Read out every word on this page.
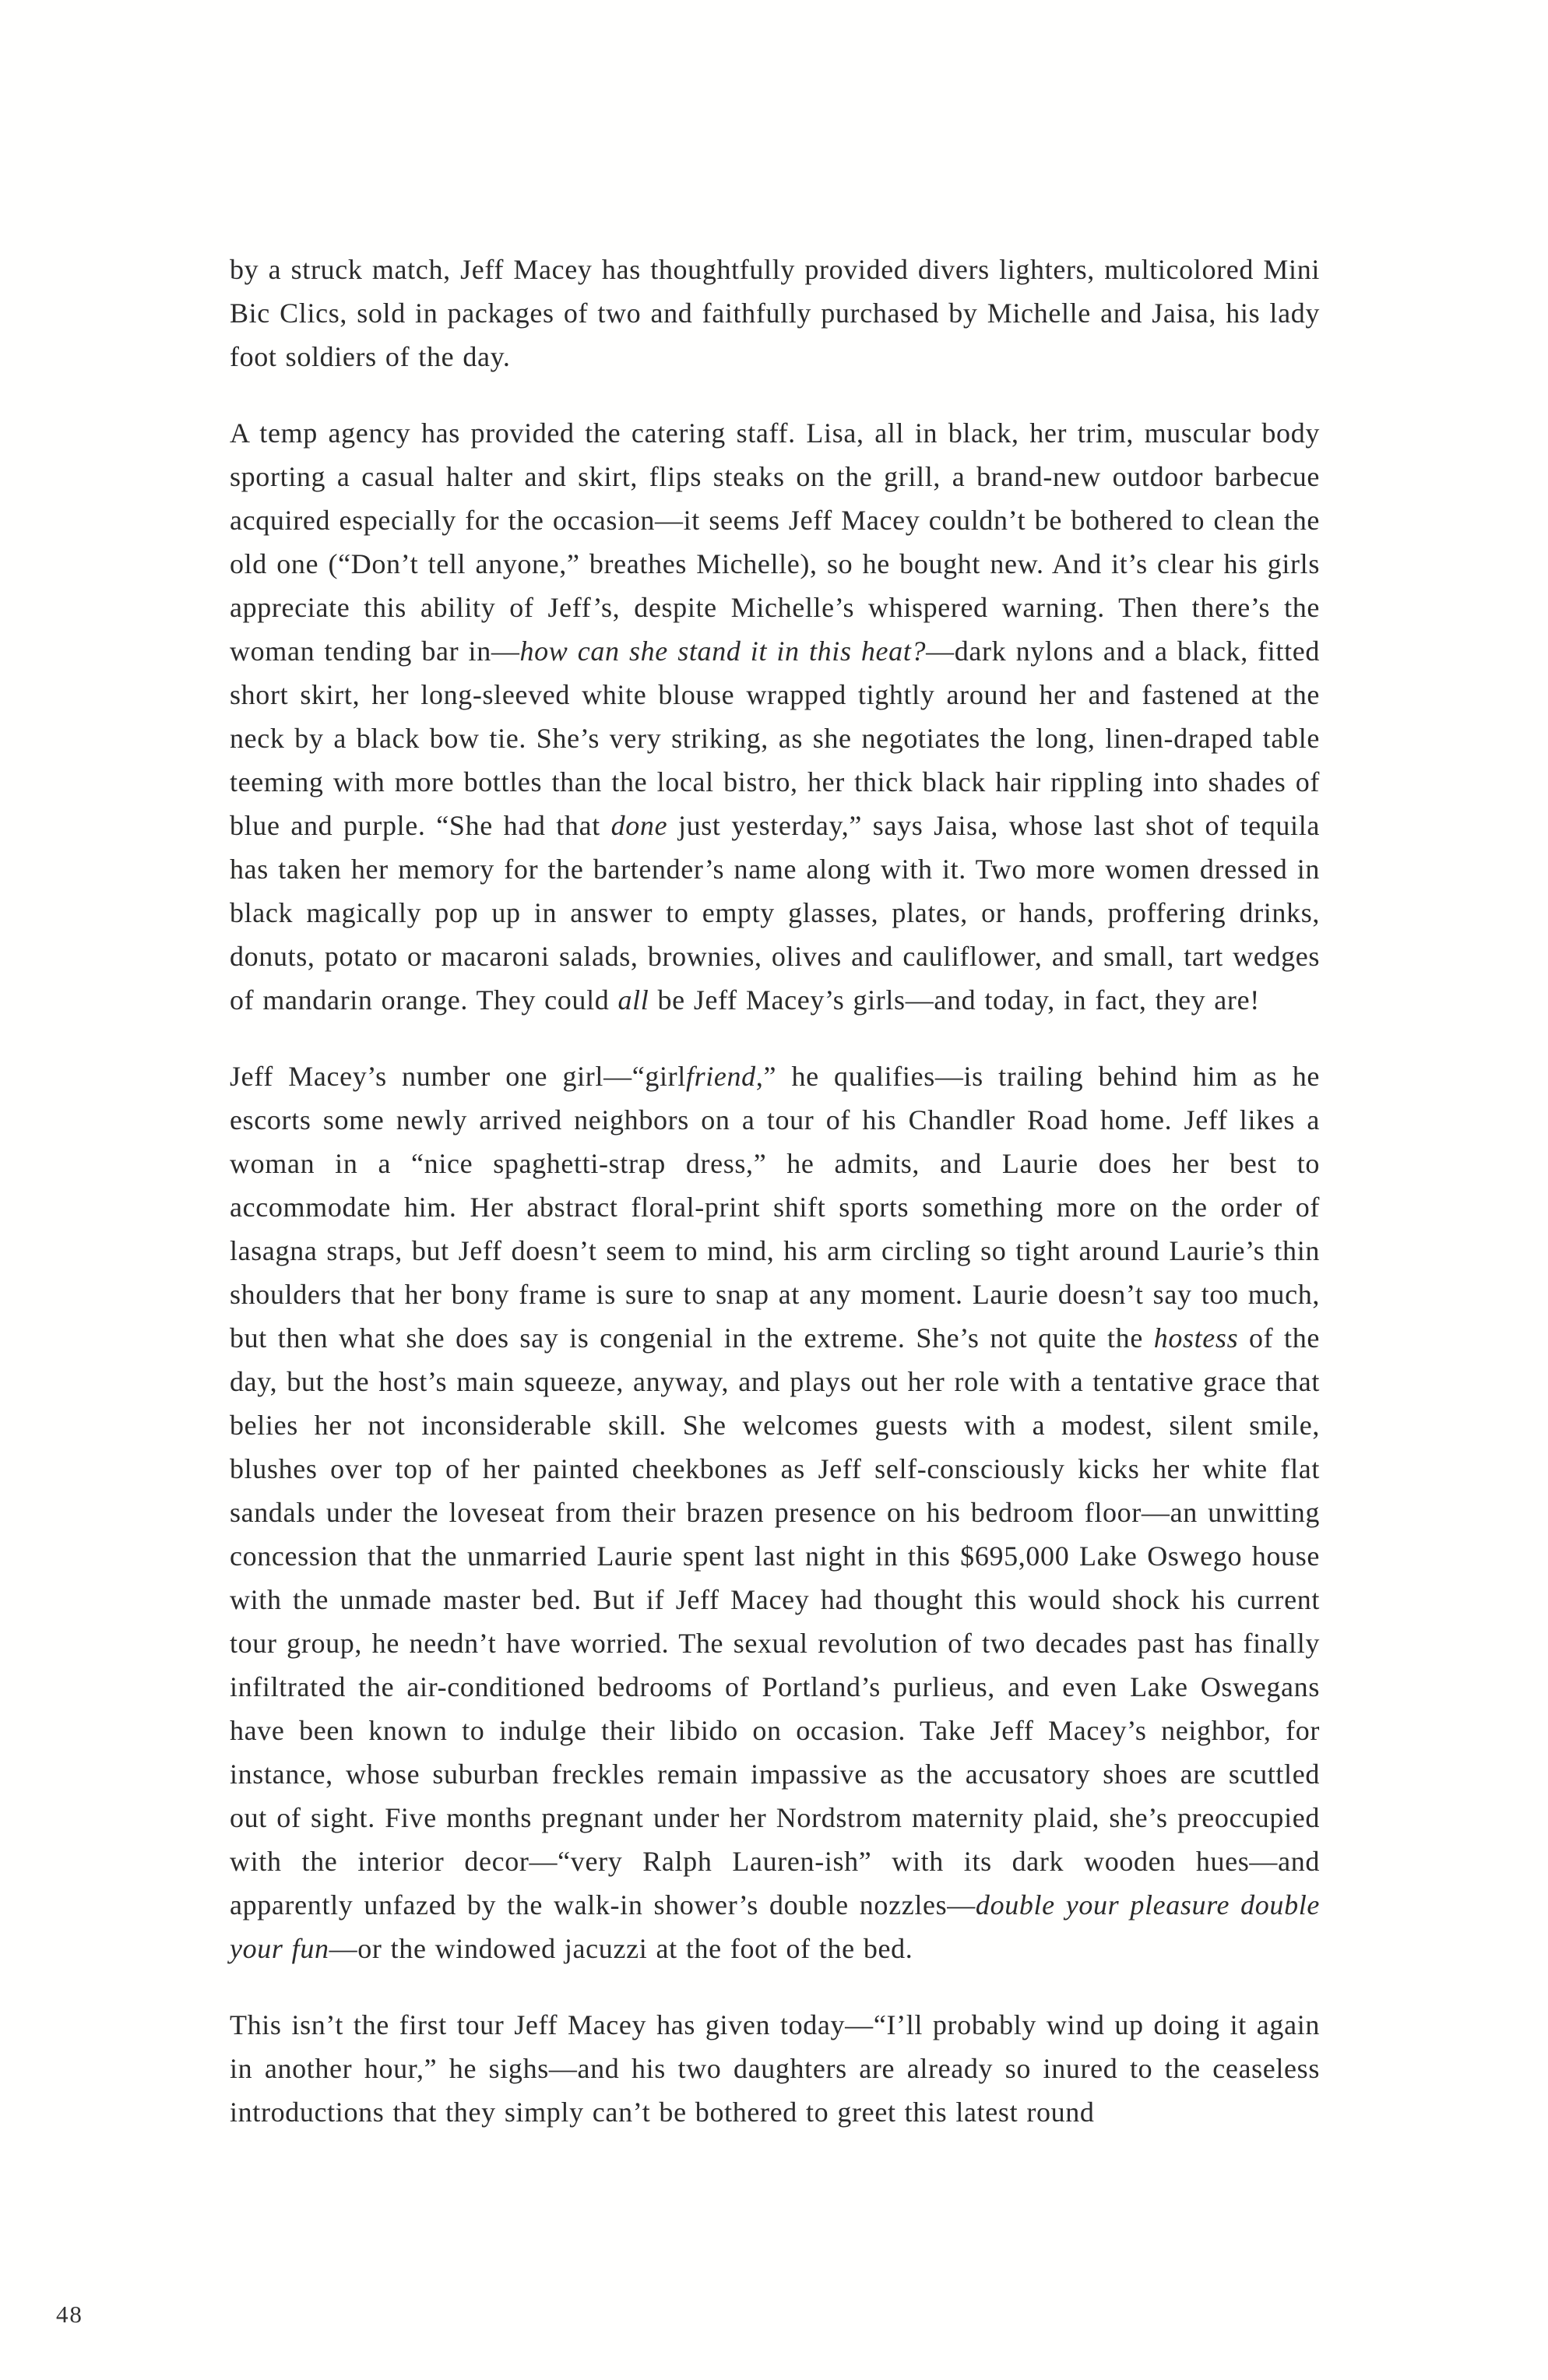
by a struck match, Jeff Macey has thoughtfully provided divers lighters, multicolored Mini Bic Clics, sold in packages of two and faithfully purchased by Michelle and Jaisa, his lady foot soldiers of the day.

A temp agency has provided the catering staff. Lisa, all in black, her trim, muscular body sporting a casual halter and skirt, flips steaks on the grill, a brand-new outdoor barbecue acquired especially for the occasion—it seems Jeff Macey couldn’t be bothered to clean the old one (“Don’t tell anyone,” breathes Michelle), so he bought new. And it’s clear his girls appreciate this ability of Jeff’s, despite Michelle’s whispered warning. Then there’s the woman tending bar in—how can she stand it in this heat?—dark nylons and a black, fitted short skirt, her long-sleeved white blouse wrapped tightly around her and fastened at the neck by a black bow tie. She’s very striking, as she negotiates the long, linen-draped table teeming with more bottles than the local bistro, her thick black hair rippling into shades of blue and purple. “She had that done just yesterday,” says Jaisa, whose last shot of tequila has taken her memory for the bartender’s name along with it. Two more women dressed in black magically pop up in answer to empty glasses, plates, or hands, proffering drinks, donuts, potato or macaroni salads, brownies, olives and cauliflower, and small, tart wedges of mandarin orange. They could all be Jeff Macey’s girls—and today, in fact, they are!

Jeff Macey’s number one girl—“girlfriend,” he qualifies—is trailing behind him as he escorts some newly arrived neighbors on a tour of his Chandler Road home. Jeff likes a woman in a “nice spaghetti-strap dress,” he admits, and Laurie does her best to accommodate him. Her abstract floral-print shift sports something more on the order of lasagna straps, but Jeff doesn’t seem to mind, his arm circling so tight around Laurie’s thin shoulders that her bony frame is sure to snap at any moment. Laurie doesn’t say too much, but then what she does say is congenial in the extreme. She’s not quite the hostess of the day, but the host’s main squeeze, anyway, and plays out her role with a tentative grace that belies her not inconsiderable skill. She welcomes guests with a modest, silent smile, blushes over top of her painted cheekbones as Jeff self-consciously kicks her white flat sandals under the loveseat from their brazen presence on his bedroom floor—an unwitting concession that the unmarried Laurie spent last night in this $695,000 Lake Oswego house with the unmade master bed. But if Jeff Macey had thought this would shock his current tour group, he needn’t have worried. The sexual revolution of two decades past has finally infiltrated the air-conditioned bedrooms of Portland’s purlieus, and even Lake Oswegans have been known to indulge their libido on occasion. Take Jeff Macey’s neighbor, for instance, whose suburban freckles remain impassive as the accusatory shoes are scuttled out of sight. Five months pregnant under her Nordstrom maternity plaid, she’s preoccupied with the interior decor—“very Ralph Lauren-ish” with its dark wooden hues—and apparently unfazed by the walk-in shower’s double nozzles—double your pleasure double your fun—or the windowed jacuzzi at the foot of the bed.

This isn’t the first tour Jeff Macey has given today—“I’ll probably wind up doing it again in another hour,” he sighs—and his two daughters are already so inured to the ceaseless introductions that they simply can’t be bothered to greet this latest round

48
